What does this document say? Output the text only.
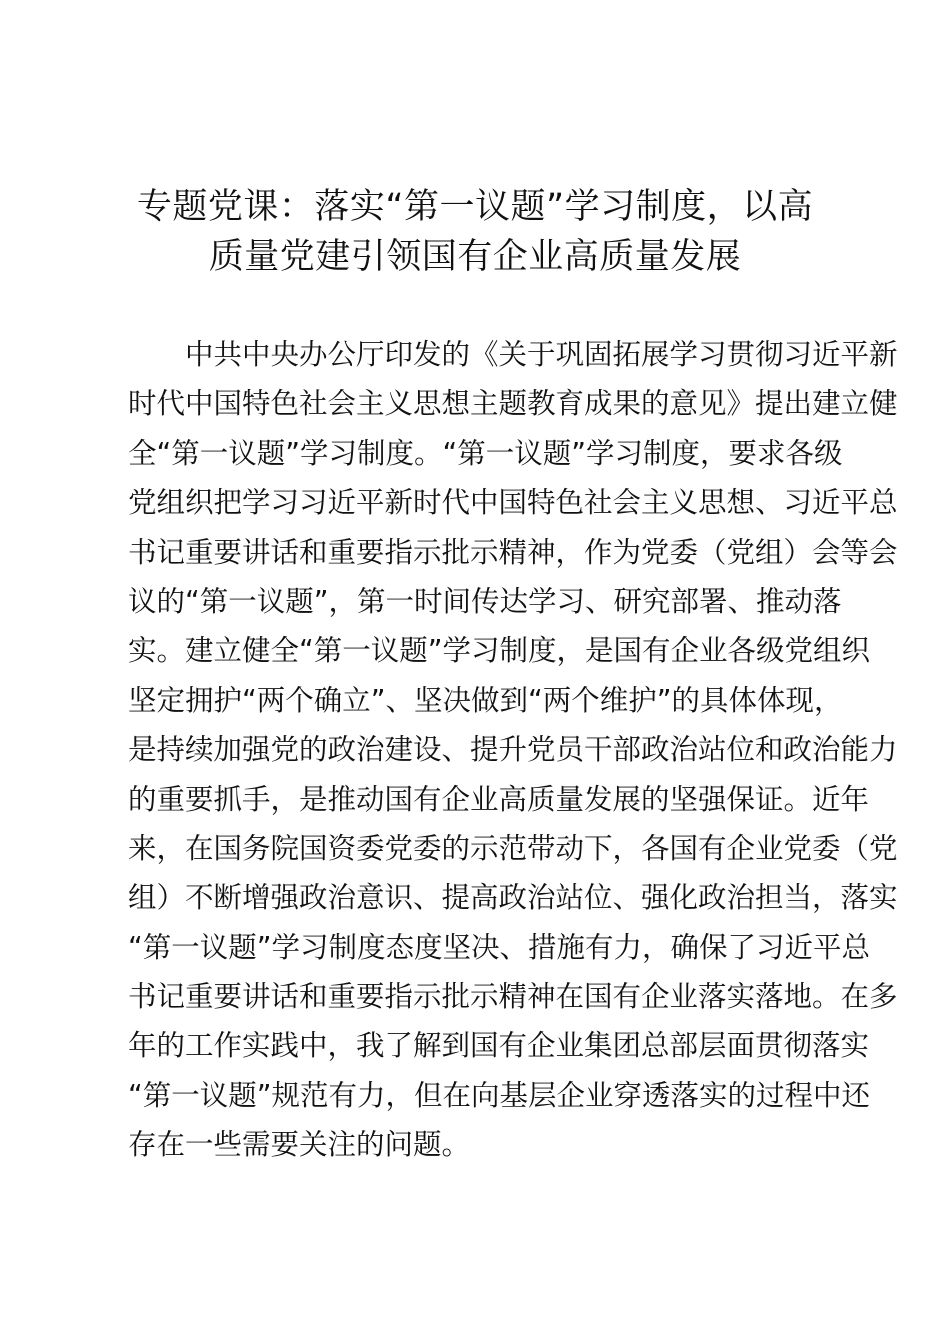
专题党课：落实“第一议题”学习制度，以高
质量党建引领国有企业高质量发展
　　中共中央办公厅印发的《关于巩固拓展学习贯彻习近平新
时代中国特色社会主义思想主题教育成果的意见》提出建立健
全“第一议题”学习制度。“第一议题”学习制度，要求各级
党组织把学习习近平新时代中国特色社会主义思想、习近平总
书记重要讲话和重要指示批示精神，作为党委（党组）会等会
议的“第一议题”，第一时间传达学习、研究部署、推动落
实。建立健全“第一议题”学习制度，是国有企业各级党组织
坚定拥护“两个确立”、坚决做到“两个维护”的具体体现，
是持续加强党的政治建设、提升党员干部政治站位和政治能力
的重要抓手，是推动国有企业高质量发展的坚强保证。近年
来，在国务院国资委党委的示范带动下，各国有企业党委（党
组）不断增强政治意识、提高政治站位、强化政治担当，落实
“第一议题”学习制度态度坚决、措施有力，确保了习近平总
书记重要讲话和重要指示批示精神在国有企业落实落地。在多
年的工作实践中，我了解到国有企业集团总部层面贯彻落实
“第一议题”规范有力，但在向基层企业穿透落实的过程中还
存在一些需要关注的问题。
